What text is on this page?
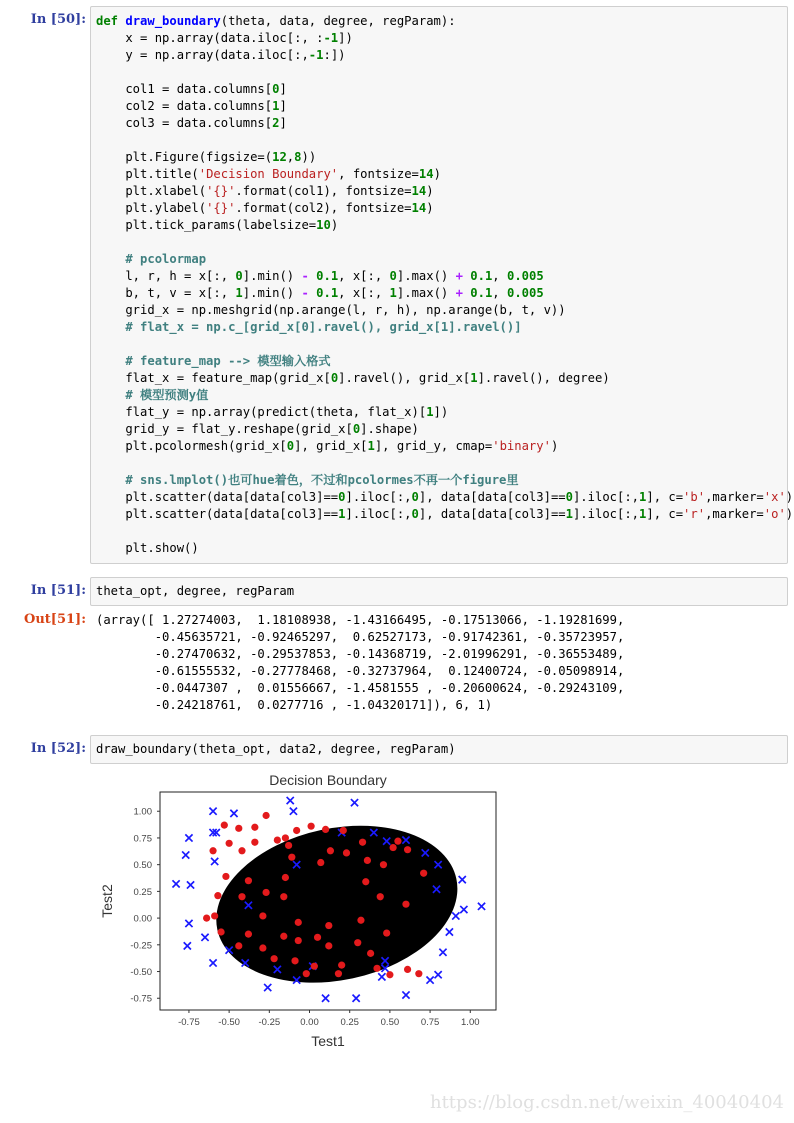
In [50]: def draw_boundary(theta, data, degree, regParam):
x = np.array(data.iloc[:, :-1])
y = np.array(data.iloc[:,-1:])
col1 = data.columns[0]
col2 = data.columns[1]
col3 = data.columns[2]
plt.Figure(figsize=(12,8))
plt.title('Decision Boundary', fontsize=14)
plt.xlabel('{}'.format(col1), fontsize=14)
plt.ylabel('{}'.format(col2), fontsize=14)
plt.tick_params(labelsize=10)
# pcolormap
l, r, h = x[:, 0].min() - 0.1, x[:, 0].max() + 0.1, 0.005
b, t, v = x[:, 1].min() - 0.1, x[:, 1].max() + 0.1, 0.005
grid_x = np.meshgrid(np.arange(l, r, h), np.arange(b, t, v))
# flat_x = np.c_[grid_x[0].ravel(), grid_x[1].ravel()]
# feature_map --> 模型输入格式
flat_x = feature_map(grid_x[0].ravel(), grid_x[1].ravel(), degree)
# 模型预测y值
flat_y = np.array(predict(theta, flat_x)[1])
grid_y = flat_y.reshape(grid_x[0].shape)
plt.pcolormesh(grid_x[0], grid_x[1], grid_y, cmap='binary')
# sns.lmplot()也可hue着色，不过和pcolormes不再一个figure里
plt.scatter(data[data[col3]==0].iloc[:,0], data[data[col3]==0].iloc[:,1], c='b',marker='x')
plt.scatter(data[data[col3]==1].iloc[:,0], data[data[col3]==1].iloc[:,1], c='r',marker='o')
plt.show()
In [51]: theta_opt, degree, regParam
Out[51]: (array([ 1.27274003,  1.18108938, -1.43166495, -0.17513066, -1.19281699,
-0.45635721, -0.92465297,  0.62527173, -0.91742361, -0.35723957,
-0.27470632, -0.29537853, -0.14368719, -2.01996291, -0.36553489,
-0.61555532, -0.27778468, -0.32737964,  0.12400724, -0.05098914,
-0.0447307 ,  0.01556667, -1.4581555 , -0.20600624, -0.29243109,
-0.24218761,  0.0277716 , -1.04320171]), 6, 1)
In [52]: draw_boundary(theta_opt, data2, degree, regParam)
Decision Boundary
-0.75 -0.50 -0.25 0.00 0.25 0.50 0.75 1.00
1.00
0.75
0.50
0.25
0.00
-0.25
-0.50
-0.75
Test1
Test2
https://blog.csdn.net/weixin_40040404
